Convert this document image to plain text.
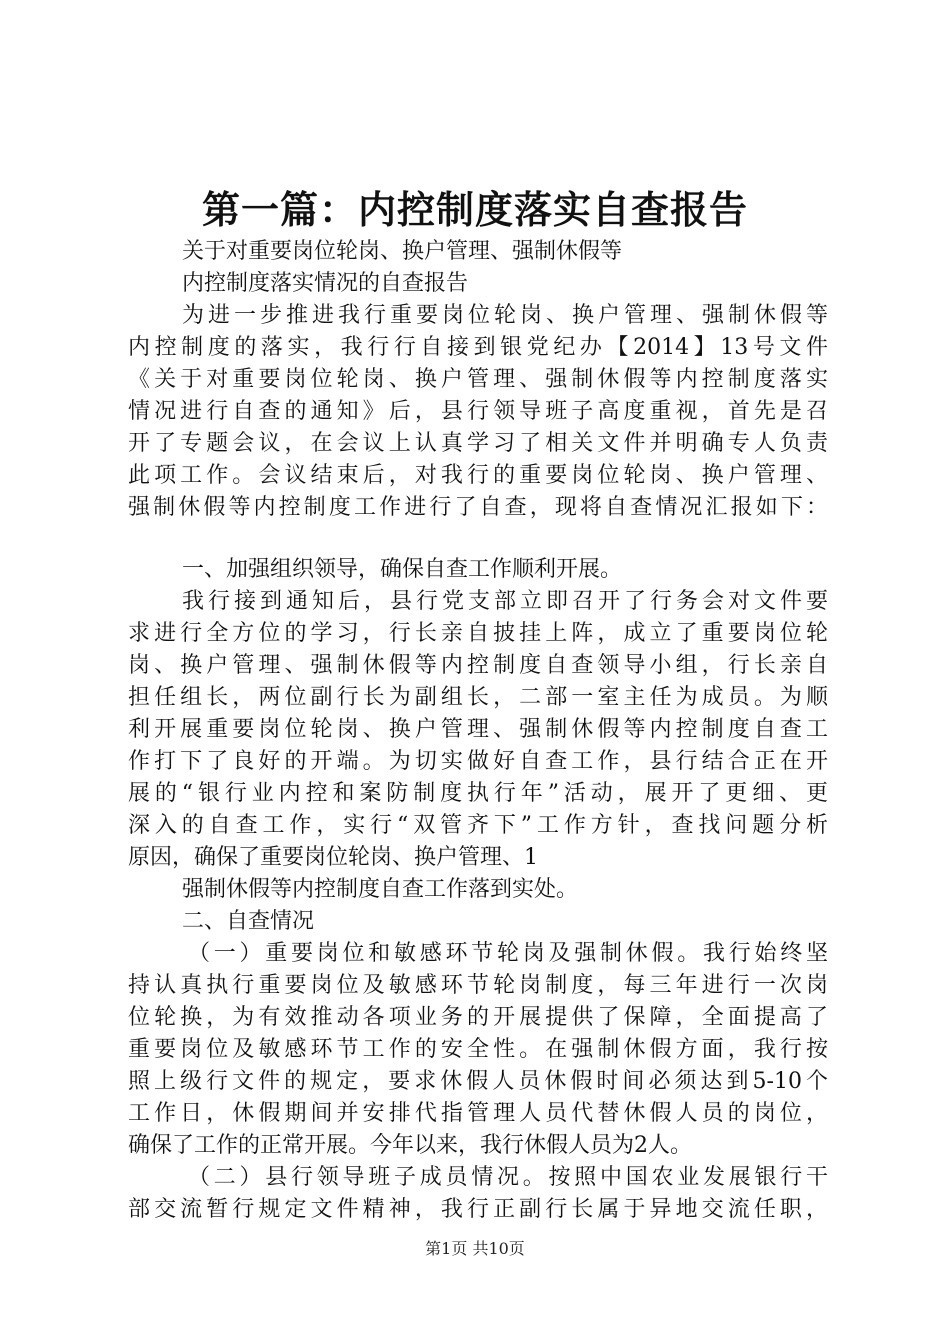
第一篇：内控制度落实自查报告
关于对重要岗位轮岗、换户管理、强制休假等
内控制度落实情况的自查报告
为进一步推进我行重要岗位轮岗、换户管理、强制休假等
内控制度的落实，我行行自接到银党纪办【2014】13号文件
《关于对重要岗位轮岗、换户管理、强制休假等内控制度落实
情况进行自查的通知》后，县行领导班子高度重视，首先是召
开了专题会议，在会议上认真学习了相关文件并明确专人负责
此项工作。会议结束后，对我行的重要岗位轮岗、换户管理、
强制休假等内控制度工作进行了自查，现将自查情况汇报如下：
一、加强组织领导，确保自查工作顺利开展。
我行接到通知后，县行党支部立即召开了行务会对文件要
求进行全方位的学习，行长亲自披挂上阵，成立了重要岗位轮
岗、换户管理、强制休假等内控制度自查领导小组，行长亲自
担任组长，两位副行长为副组长，二部一室主任为成员。为顺
利开展重要岗位轮岗、换户管理、强制休假等内控制度自查工
作打下了良好的开端。为切实做好自查工作，县行结合正在开
展的“银行业内控和案防制度执行年”活动，展开了更细、更
深入的自查工作，实行“双管齐下”工作方针，查找问题分析
原因，确保了重要岗位轮岗、换户管理、1
强制休假等内控制度自查工作落到实处。
二、自查情况
（一）重要岗位和敏感环节轮岗及强制休假。我行始终坚
持认真执行重要岗位及敏感环节轮岗制度，每三年进行一次岗
位轮换，为有效推动各项业务的开展提供了保障，全面提高了
重要岗位及敏感环节工作的安全性。在强制休假方面，我行按
照上级行文件的规定，要求休假人员休假时间必须达到5-10个
工作日，休假期间并安排代指管理人员代替休假人员的岗位，
确保了工作的正常开展。今年以来，我行休假人员为2人。
（二）县行领导班子成员情况。按照中国农业发展银行干
部交流暂行规定文件精神，我行正副行长属于异地交流任职，
第1页 共10页
